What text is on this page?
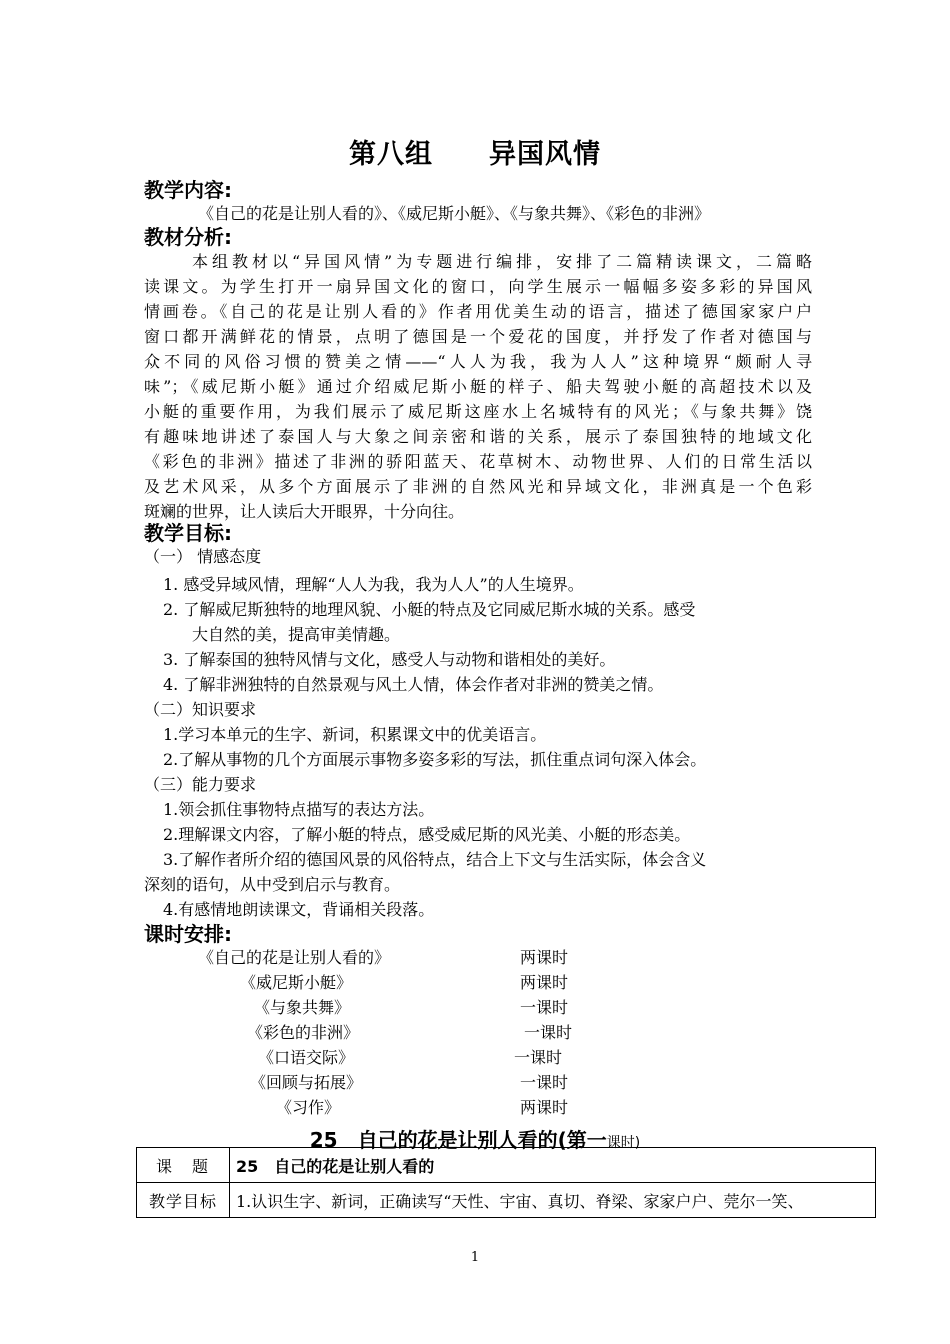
第八组 异国风情
教学内容:
《自己的花是让别人看的》、《威尼斯小艇》、《与象共舞》、《彩色的非洲》
教材分析:
本组教材以“异国风情”为专题进行编排，安排了二篇精读课文，二篇略
读课文。为学生打开一扇异国文化的窗口，向学生展示一幅幅多姿多彩的异国风
情画卷。《自己的花是让别人看的》作者用优美生动的语言，描述了德国家家户户
窗口都开满鲜花的情景，点明了德国是一个爱花的国度，并抒发了作者对德国与
众不同的风俗习惯的赞美之情——“人人为我，我为人人”这种境界“颇耐人寻
味”；《威尼斯小艇》通过介绍威尼斯小艇的样子、船夫驾驶小艇的高超技术以及
小艇的重要作用，为我们展示了威尼斯这座水上名城特有的风光；《与象共舞》饶
有趣味地讲述了泰国人与大象之间亲密和谐的关系，展示了泰国独特的地域文化
《彩色的非洲》描述了非洲的骄阳蓝天、花草树木、动物世界、人们的日常生活以
及艺术风采，从多个方面展示了非洲的自然风光和异域文化，非洲真是一个色彩
斑斓的世界，让人读后大开眼界，十分向往。
教学目标:
（一） 情感态度
1. 感受异域风情，理解“人人为我，我为人人”的人生境界。
2. 了解威尼斯独特的地理风貌、小艇的特点及它同威尼斯水城的关系。感受
大自然的美，提高审美情趣。
3. 了解泰国的独特风情与文化，感受人与动物和谐相处的美好。
4. 了解非洲独特的自然景观与风土人情，体会作者对非洲的赞美之情。
（二）知识要求
1.学习本单元的生字、新词，积累课文中的优美语言。
2.了解从事物的几个方面展示事物多姿多彩的写法，抓住重点词句深入体会。
（三）能力要求
1.领会抓住事物特点描写的表达方法。
2.理解课文内容，了解小艇的特点，感受威尼斯的风光美、小艇的形态美。
3.了解作者所介绍的德国风景的风俗特点，结合上下文与生活实际，体会含义
深刻的语句，从中受到启示与教育。
4.有感情地朗读课文，背诵相关段落。
课时安排:
《自己的花是让别人看的》	两课时
《威尼斯小艇》	两课时
《与象共舞》	一课时
《彩色的非洲》	一课时
《口语交际》	一课时
《回顾与拓展》	一课时
《习作》	两课时
25　自己的花是让别人看的(第一课时)
课　题	25　自己的花是让别人看的
教学目标	1.认识生字、新词，正确读写“天性、宇宙、真切、脊梁、家家户户、莞尔一笑、
1
